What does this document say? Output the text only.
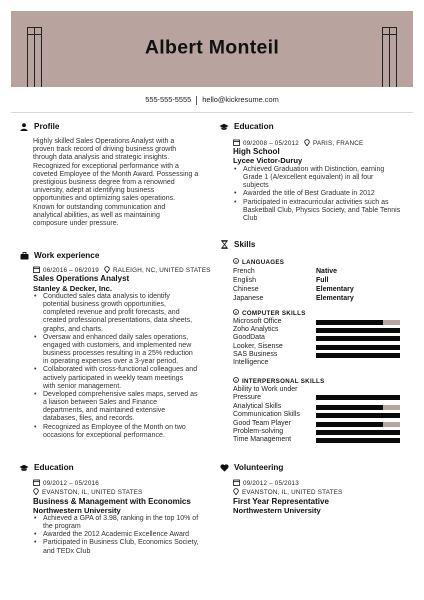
Albert Monteil
555-555-5555 hello@kickresume.com
Profile
Highly skilled Sales Operations Analyst with a
proven track record of driving business growth
through data analysis and strategic insights.
Recognized for exceptional performance with a
coveted Employee of the Month Award. Possessing a
prestigious business degree from a renowned
university, adept at identifying business
opportunities and optimizing sales operations.
Known for outstanding communication and
analytical abilities, as well as maintaining
composure under pressure.
Work experience
06/2016 – 06/2019 RALEIGH, NC, UNITED STATES
Sales Operations Analyst
Stanley & Decker, Inc.
• Conducted sales data analysis to identify
potential business growth opportunities,
completed revenue and profit forecasts, and
created professional presentations, data sheets,
graphs, and charts.
• Oversaw and enhanced daily sales operations,
engaged with customers, and implemented new
business processes resulting in a 25% reduction
in operating expenses over a 3-year period.
• Collaborated with cross-functional colleagues and
actively participated in weekly team meetings
with senior management.
• Developed comprehensive sales maps, served as
a liaison between Sales and Finance
departments, and maintained extensive
databases, files, and records.
• Recognized as Employee of the Month on two
occasions for exceptional performance.
Education
09/2012 – 05/2016
EVANSTON, IL, UNITED STATES
Business & Management with Economics
Northwestern University
• Achieved a GPA of 3.98, ranking in the top 10% of
the program
• Awarded the 2012 Academic Excellence Award
• Participated in Business Club, Economics Society,
and TEDx Club
Education
09/2008 – 05/2012 PARIS, FRANCE
High School
Lycee Victor-Duruy
• Achieved Graduation with Distinction, earning
Grade 1 (A/excellent equivalent) in all four
subjects
• Awarded the title of Best Graduate in 2012
• Participated in extracurricular activities such as
Basketball Club, Physics Society, and Table Tennis
Club
Skills
LANGUAGES
French	Native
English	Full
Chinese	Elementary
Japanese	Elementary
COMPUTER SKILLS
Microsoft Office
Zoho Analytics
GoodData
Looker, Sisense
SAS Business Intelligence
INTERPERSONAL SKILLS
Ability to Work under Pressure
Analytical Skills
Communication Skills
Good Team Player
Problem-solving
Time Management
Volunteering
09/2012 – 05/2013
EVANSTON, IL, UNITED STATES
First Year Representative
Northwestern University
